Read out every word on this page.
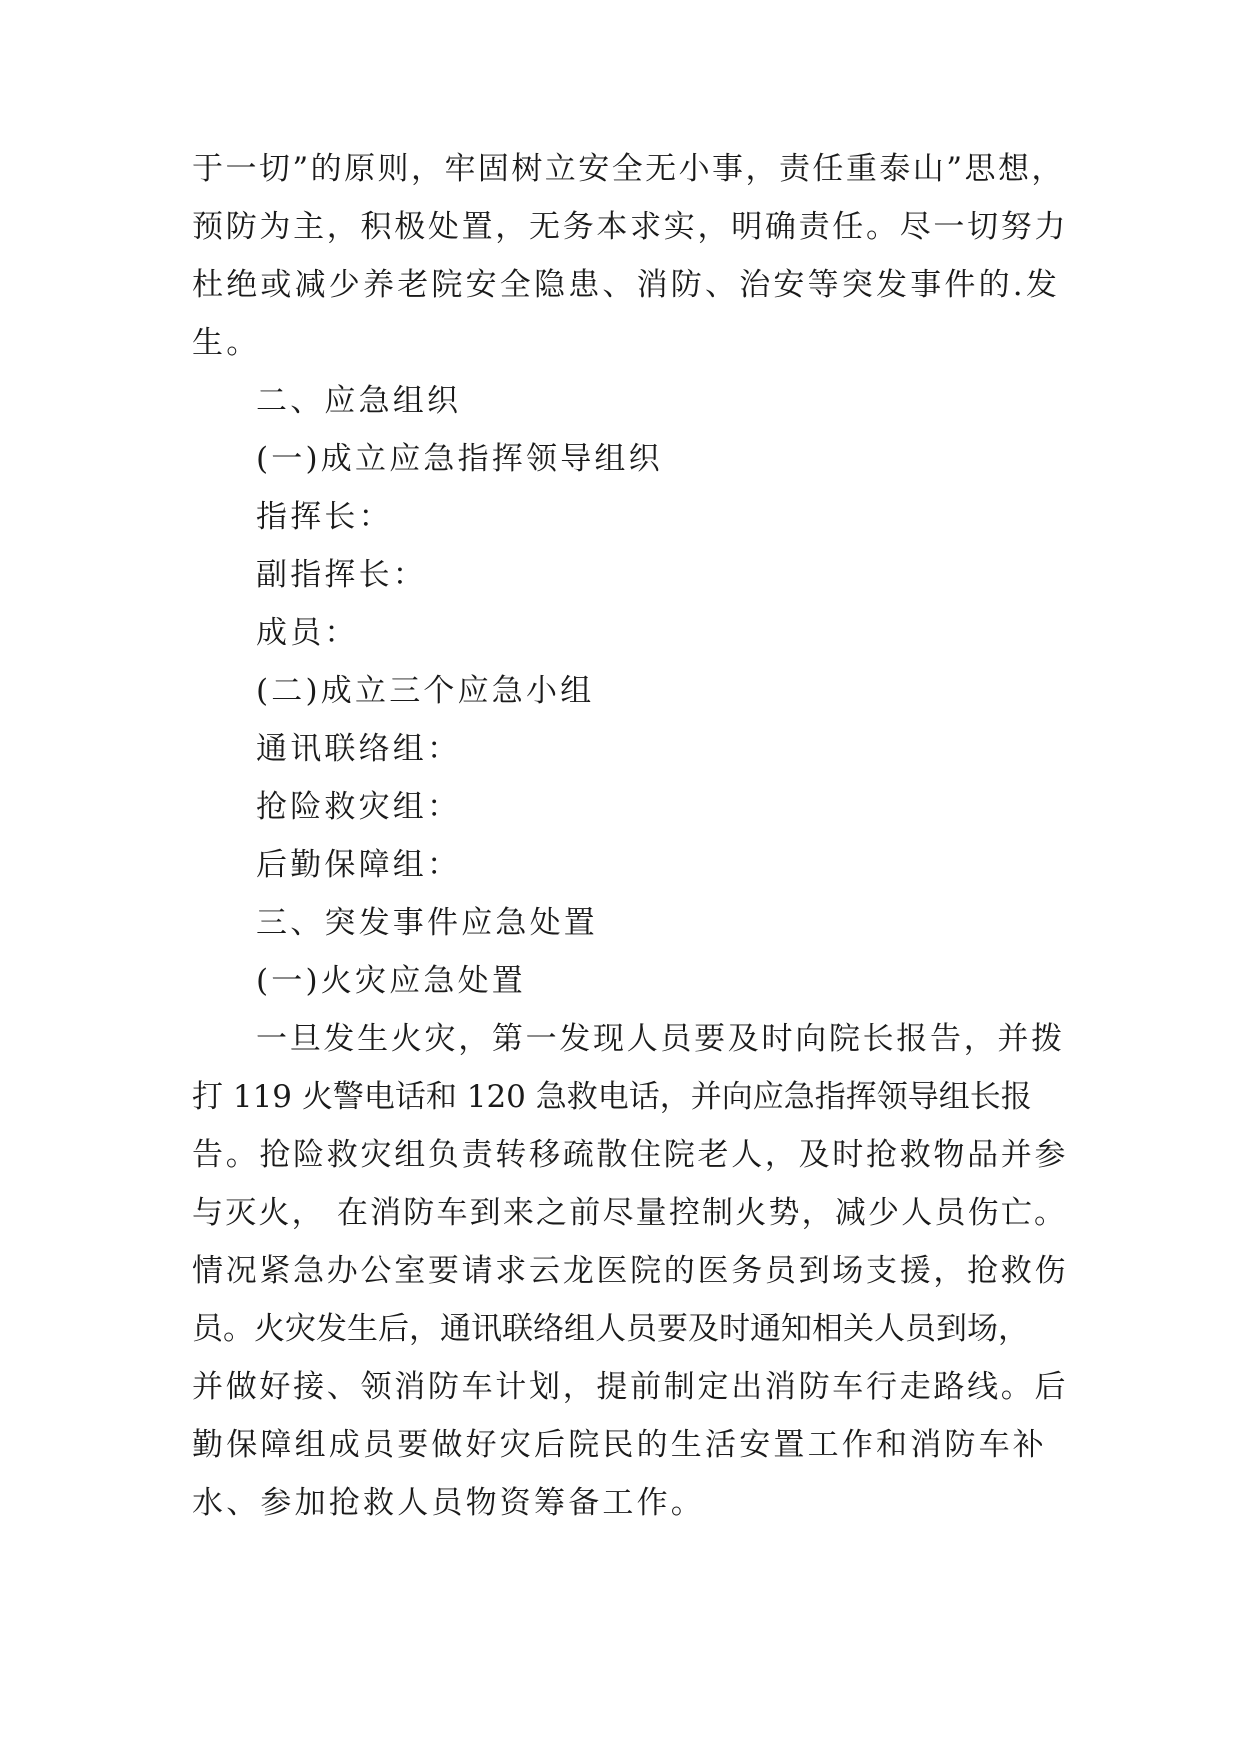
于一切”的原则，牢固树立安全无小事，责任重泰山”思想，
预防为主，积极处置，无务本求实，明确责任。尽一切努力
杜绝或减少养老院安全隐患、消防、治安等突发事件的.发
生。
二、应急组织
(一)成立应急指挥领导组织
指挥长：
副指挥长：
成员：
(二)成立三个应急小组
通讯联络组：
抢险救灾组：
后勤保障组：
三、突发事件应急处置
(一)火灾应急处置
一旦发生火灾，第一发现人员要及时向院长报告，并拨
打 119 火警电话和 120 急救电话，并向应急指挥领导组长报
告。抢险救灾组负责转移疏散住院老人，及时抢救物品并参
与灭火， 在消防车到来之前尽量控制火势，减少人员伤亡。
情况紧急办公室要请求云龙医院的医务员到场支援，抢救伤
员。火灾发生后，通讯联络组人员要及时通知相关人员到场，
并做好接、领消防车计划，提前制定出消防车行走路线。后
勤保障组成员要做好灾后院民的生活安置工作和消防车补
水、参加抢救人员物资筹备工作。
